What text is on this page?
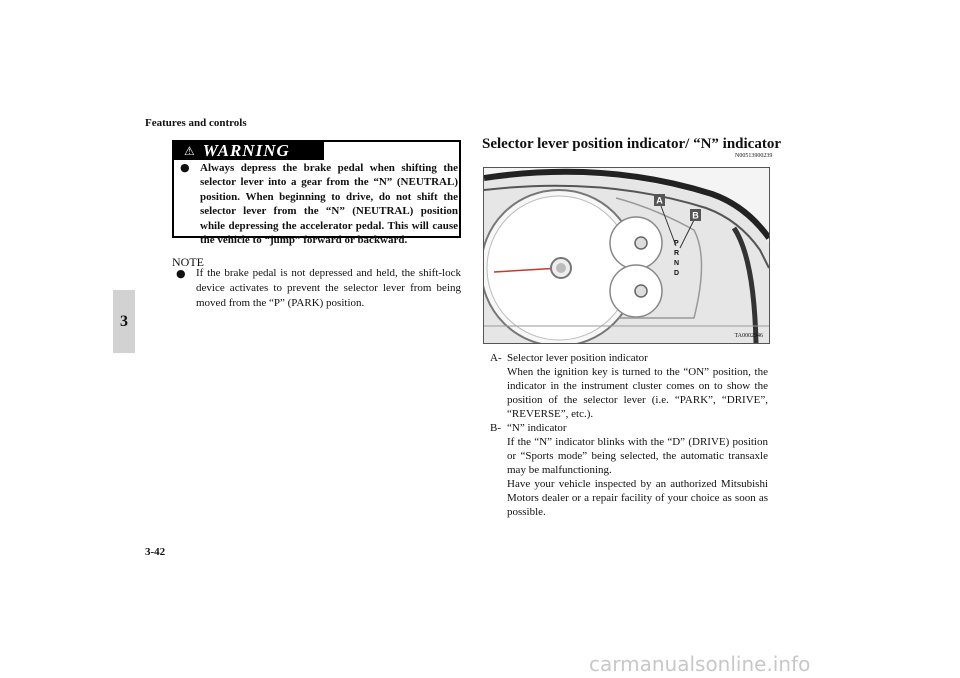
Features and controls
3
⚠ WARNING
● Always depress the brake pedal when shifting the selector lever into a gear from the “N” (NEUTRAL) position. When beginning to drive, do not shift the selector lever from the “N” (NEUTRAL) position while depressing the accelerator pedal. This will cause the vehicle to “jump” forward or backward.
NOTE
● If the brake pedal is not depressed and held, the shift-lock device activates to prevent the selector lever from being moved from the “P” (PARK) position.
Selector lever position indicator/ “N” indicator
N00513900239
A
B
P
R
N
D
TA0002346
A- Selector lever position indicator
When the ignition key is turned to the “ON” position, the indicator in the instrument cluster comes on to show the position of the selector lever (i.e. “PARK”, “DRIVE”, “REVERSE”, etc.).
B- “N” indicator
If the “N” indicator blinks with the “D” (DRIVE) position or “Sports mode” being selected, the automatic transaxle may be malfunctioning.
Have your vehicle inspected by an authorized Mitsubishi Motors dealer or a repair facility of your choice as soon as possible.
3-42
carmanualsonline.info
